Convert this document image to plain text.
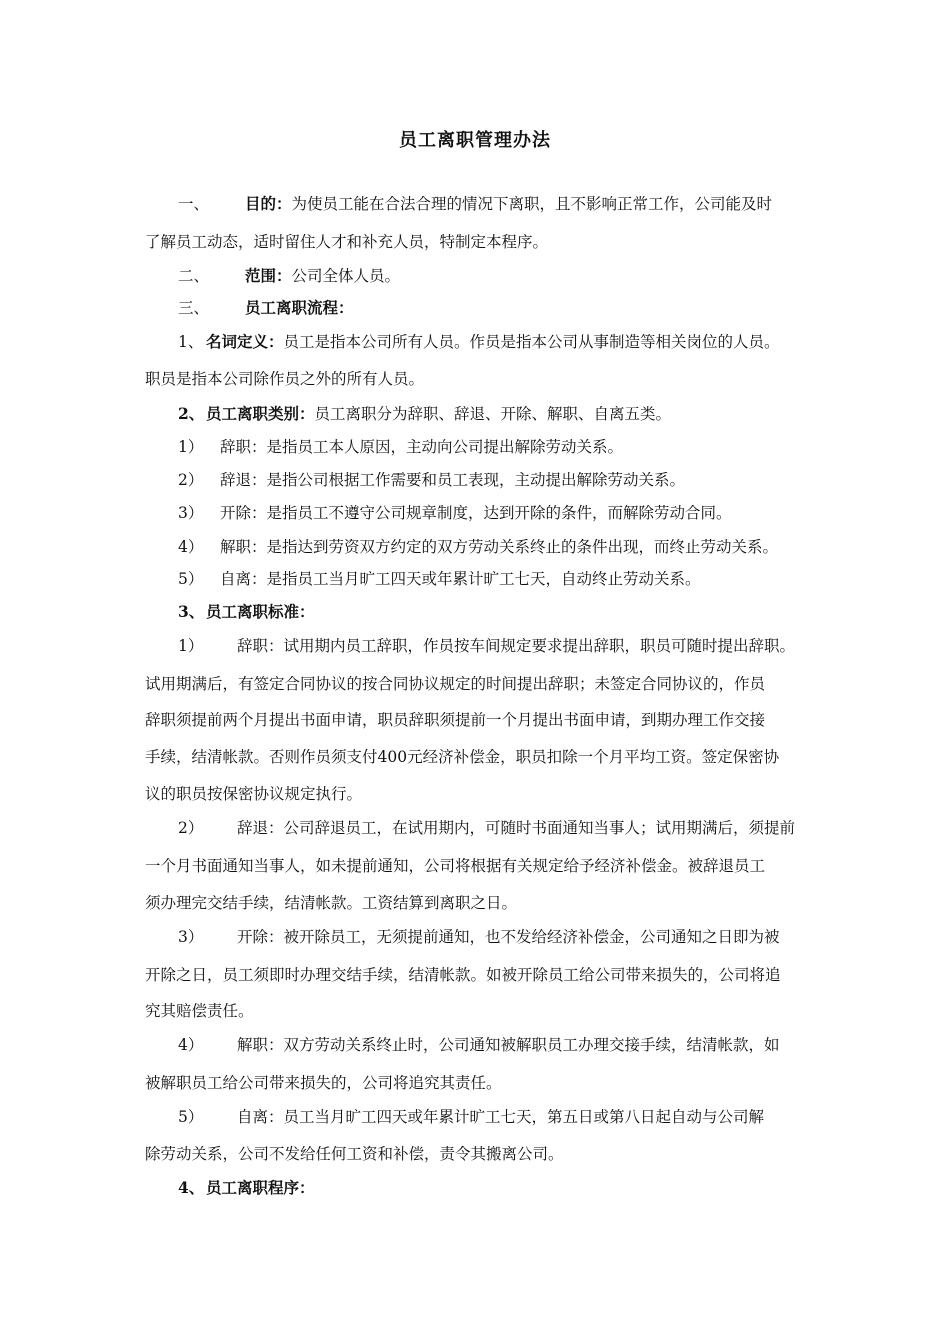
员工离职管理办法
一、 目的：为使员工能在合法合理的情况下离职，且不影响正常工作，公司能及时
了解员工动态，适时留住人才和补充人员，特制定本程序。
二、 范围：公司全体人员。
三、 员工离职流程：
1、 名词定义：员工是指本公司所有人员。作员是指本公司从事制造等相关岗位的人员。
职员是指本公司除作员之外的所有人员。
2、 员工离职类别：员工离职分为辞职、辞退、开除、解职、自离五类。
1） 辞职：是指员工本人原因，主动向公司提出解除劳动关系。
2） 辞退：是指公司根据工作需要和员工表现，主动提出解除劳动关系。
3） 开除：是指员工不遵守公司规章制度，达到开除的条件，而解除劳动合同。
4） 解职：是指达到劳资双方约定的双方劳动关系终止的条件出现，而终止劳动关系。
5） 自离：是指员工当月旷工四天或年累计旷工七天，自动终止劳动关系。
3、 员工离职标准：
1） 辞职：试用期内员工辞职，作员按车间规定要求提出辞职，职员可随时提出辞职。
试用期满后，有签定合同协议的按合同协议规定的时间提出辞职；未签定合同协议的，作员
辞职须提前两个月提出书面申请，职员辞职须提前一个月提出书面申请，到期办理工作交接
手续，结清帐款。否则作员须支付400元经济补偿金，职员扣除一个月平均工资。签定保密协
议的职员按保密协议规定执行。
2） 辞退：公司辞退员工，在试用期内，可随时书面通知当事人；试用期满后，须提前
一个月书面通知当事人，如未提前通知，公司将根据有关规定给予经济补偿金。被辞退员工
须办理完交结手续，结清帐款。工资结算到离职之日。
3） 开除：被开除员工，无须提前通知，也不发给经济补偿金，公司通知之日即为被
开除之日，员工须即时办理交结手续，结清帐款。如被开除员工给公司带来损失的，公司将追
究其赔偿责任。
4） 解职：双方劳动关系终止时，公司通知被解职员工办理交接手续，结清帐款，如
被解职员工给公司带来损失的，公司将追究其责任。
5） 自离：员工当月旷工四天或年累计旷工七天，第五日或第八日起自动与公司解
除劳动关系，公司不发给任何工资和补偿，责令其搬离公司。
4、 员工离职程序：
